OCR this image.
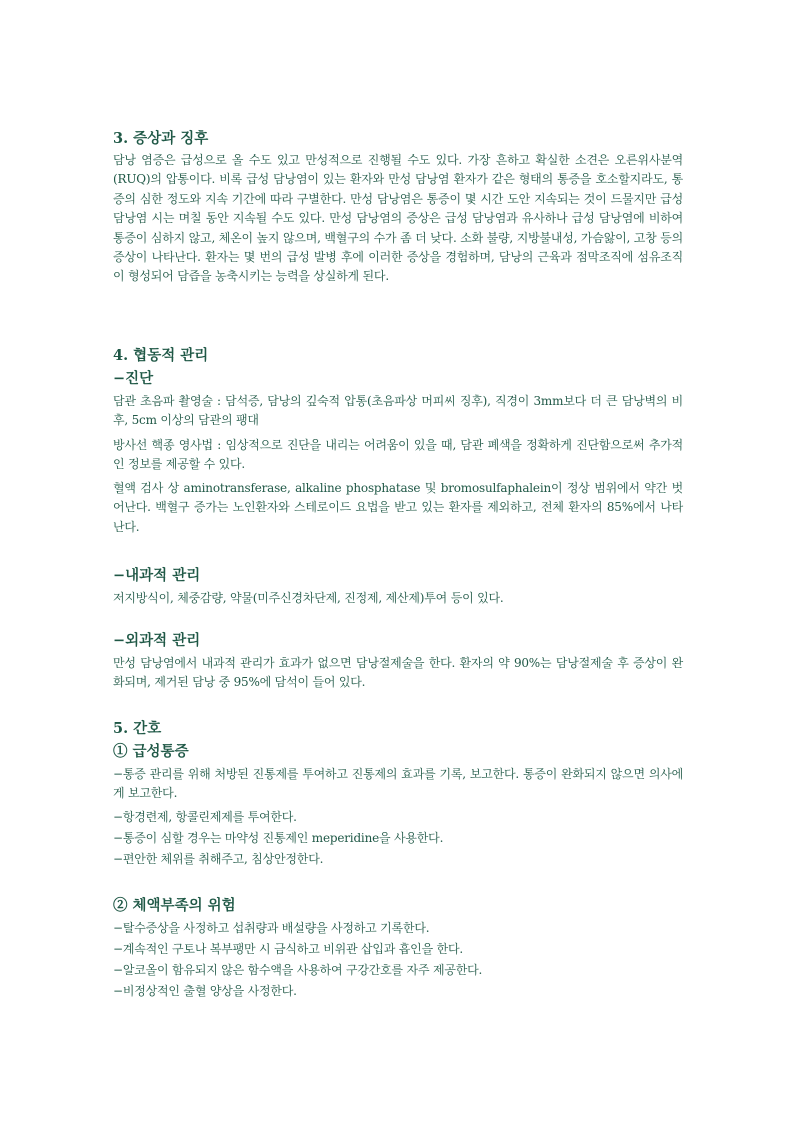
3. 증상과 징후
담낭 염증은 급성으로 올 수도 있고 만성적으로 진행될 수도 있다. 가장 흔하고 확실한 소견은 오른위사분역(RUQ)의 압통이다. 비록 급성 담낭염이 있는 환자와 만성 담낭염 환자가 같은 형태의 통증을 호소할지라도, 통증의 심한 정도와 지속 기간에 따라 구별한다. 만성 담낭염은 통증이 몇 시간 도안 지속되는 것이 드물지만 급성 담낭염 시는 며칠 동안 지속될 수도 있다. 만성 담낭염의 증상은 급성 담낭염과 유사하나 급성 담낭염에 비하여 통증이 심하지 않고, 체온이 높지 않으며, 백혈구의 수가 좀 더 낮다. 소화 불량, 지방불내성, 가슴앓이, 고창 등의 증상이 나타난다. 환자는 몇 번의 급성 발병 후에 이러한 증상을 경험하며, 담낭의 근육과 점막조직에 섬유조직이 형성되어 담즙을 농축시키는 능력을 상실하게 된다.
4. 협동적 관리
−진단
담관 초음파 촬영술 : 담석증, 담낭의 깊숙적 압통(초음파상 머피씨 징후), 직경이 3mm보다 더 큰 담낭벽의 비후, 5cm 이상의 담관의 팽대
방사선 핵종 영사법 : 임상적으로 진단을 내리는 어려움이 있을 때, 담관 폐색을 정확하게 진단함으로써 추가적인 정보를 제공할 수 있다.
혈액 검사 상 aminotransferase, alkaline phosphatase 및 bromosulfaphalein이 정상 범위에서 약간 벗어난다. 백혈구 증가는 노인환자와 스테로이드 요법을 받고 있는 환자를 제외하고, 전체 환자의 85%에서 나타난다.
−내과적 관리
저지방식이, 체중감량, 약물(미주신경차단제, 진정제, 제산제)투여 등이 있다.
−외과적 관리
만성 담낭염에서 내과적 관리가 효과가 없으면 담낭절제술을 한다. 환자의 약 90%는 담낭절제술 후 증상이 완화되며, 제거된 담낭 중 95%에 담석이 들어 있다.
5. 간호
① 급성통증
−통증 관리를 위해 처방된 진통제를 투여하고 진통제의 효과를 기록, 보고한다. 통증이 완화되지 않으면 의사에게 보고한다.
−항경련제, 항콜린제제를 투여한다.
−통증이 심할 경우는 마약성 진통제인 meperidine을 사용한다.
−편안한 체위를 취해주고, 침상안정한다.
② 체액부족의 위험
−탈수증상을 사정하고 섭취량과 배설량을 사정하고 기록한다.
−계속적인 구토나 복부팽만 시 금식하고 비위관 삽입과 흡인을 한다.
−알코올이 함유되지 않은 함수액을 사용하여 구강간호를 자주 제공한다.
−비정상적인 출혈 양상을 사정한다.
